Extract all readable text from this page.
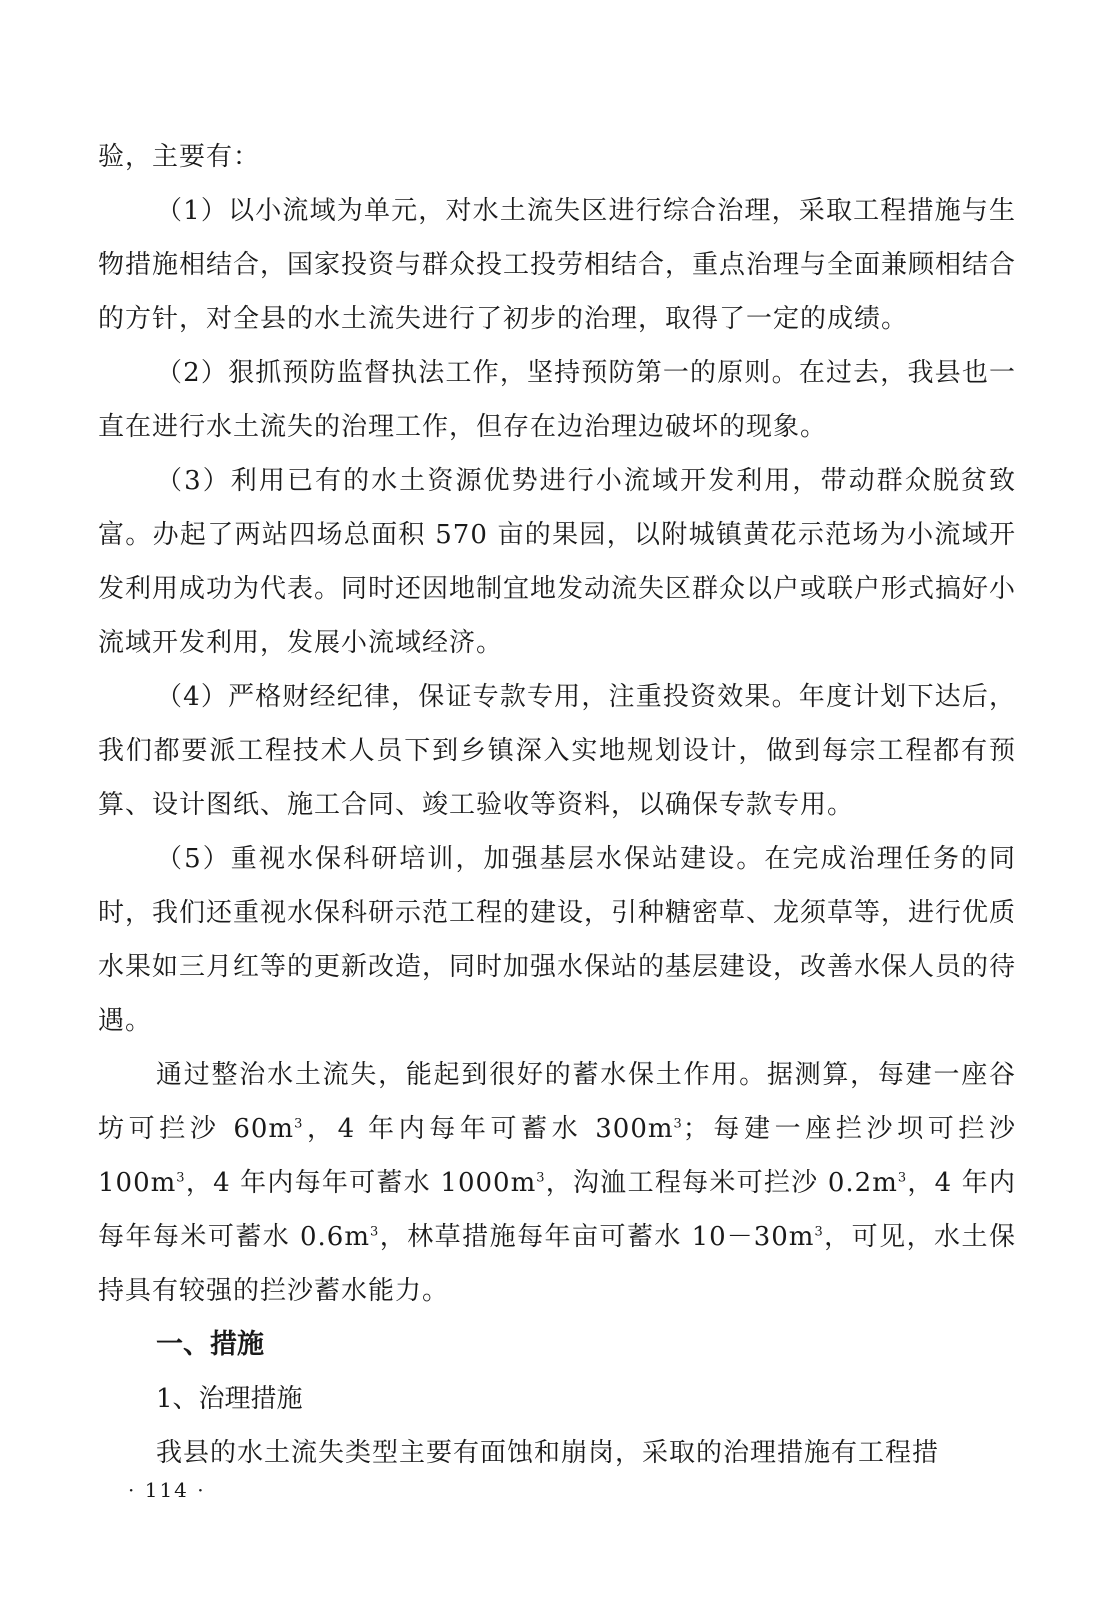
验，主要有：

（1）以小流域为单元，对水土流失区进行综合治理，采取工程措施与生物措施相结合，国家投资与群众投工投劳相结合，重点治理与全面兼顾相结合的方针，对全县的水土流失进行了初步的治理，取得了一定的成绩。

（2）狠抓预防监督执法工作，坚持预防第一的原则。在过去，我县也一直在进行水土流失的治理工作，但存在边治理边破坏的现象。

（3）利用已有的水土资源优势进行小流域开发利用，带动群众脱贫致富。办起了两站四场总面积 570 亩的果园，以附城镇黄花示范场为小流域开发利用成功为代表。同时还因地制宜地发动流失区群众以户或联户形式搞好小流域开发利用，发展小流域经济。

（4）严格财经纪律，保证专款专用，注重投资效果。年度计划下达后，我们都要派工程技术人员下到乡镇深入实地规划设计，做到每宗工程都有预算、设计图纸、施工合同、竣工验收等资料，以确保专款专用。

（5）重视水保科研培训，加强基层水保站建设。在完成治理任务的同时，我们还重视水保科研示范工程的建设，引种糖密草、龙须草等，进行优质水果如三月红等的更新改造，同时加强水保站的基层建设，改善水保人员的待遇。

通过整治水土流失，能起到很好的蓄水保土作用。据测算，每建一座谷坊可拦沙 $60m^3$，4 年内每年可蓄水 $300m^3$；每建一座拦沙坝可拦沙 $100m^3$，4 年内每年可蓄水 $1000m^3$，沟洫工程每米可拦沙 $0.2m^3$，4 年内每年每米可蓄水 $0.6m^3$，林草措施每年亩可蓄水 $10-30m^3$，可见，水土保持具有较强的拦沙蓄水能力。

一、措施

1、治理措施

我县的水土流失类型主要有面蚀和崩岗，采取的治理措施有工程措

· 114 ·
